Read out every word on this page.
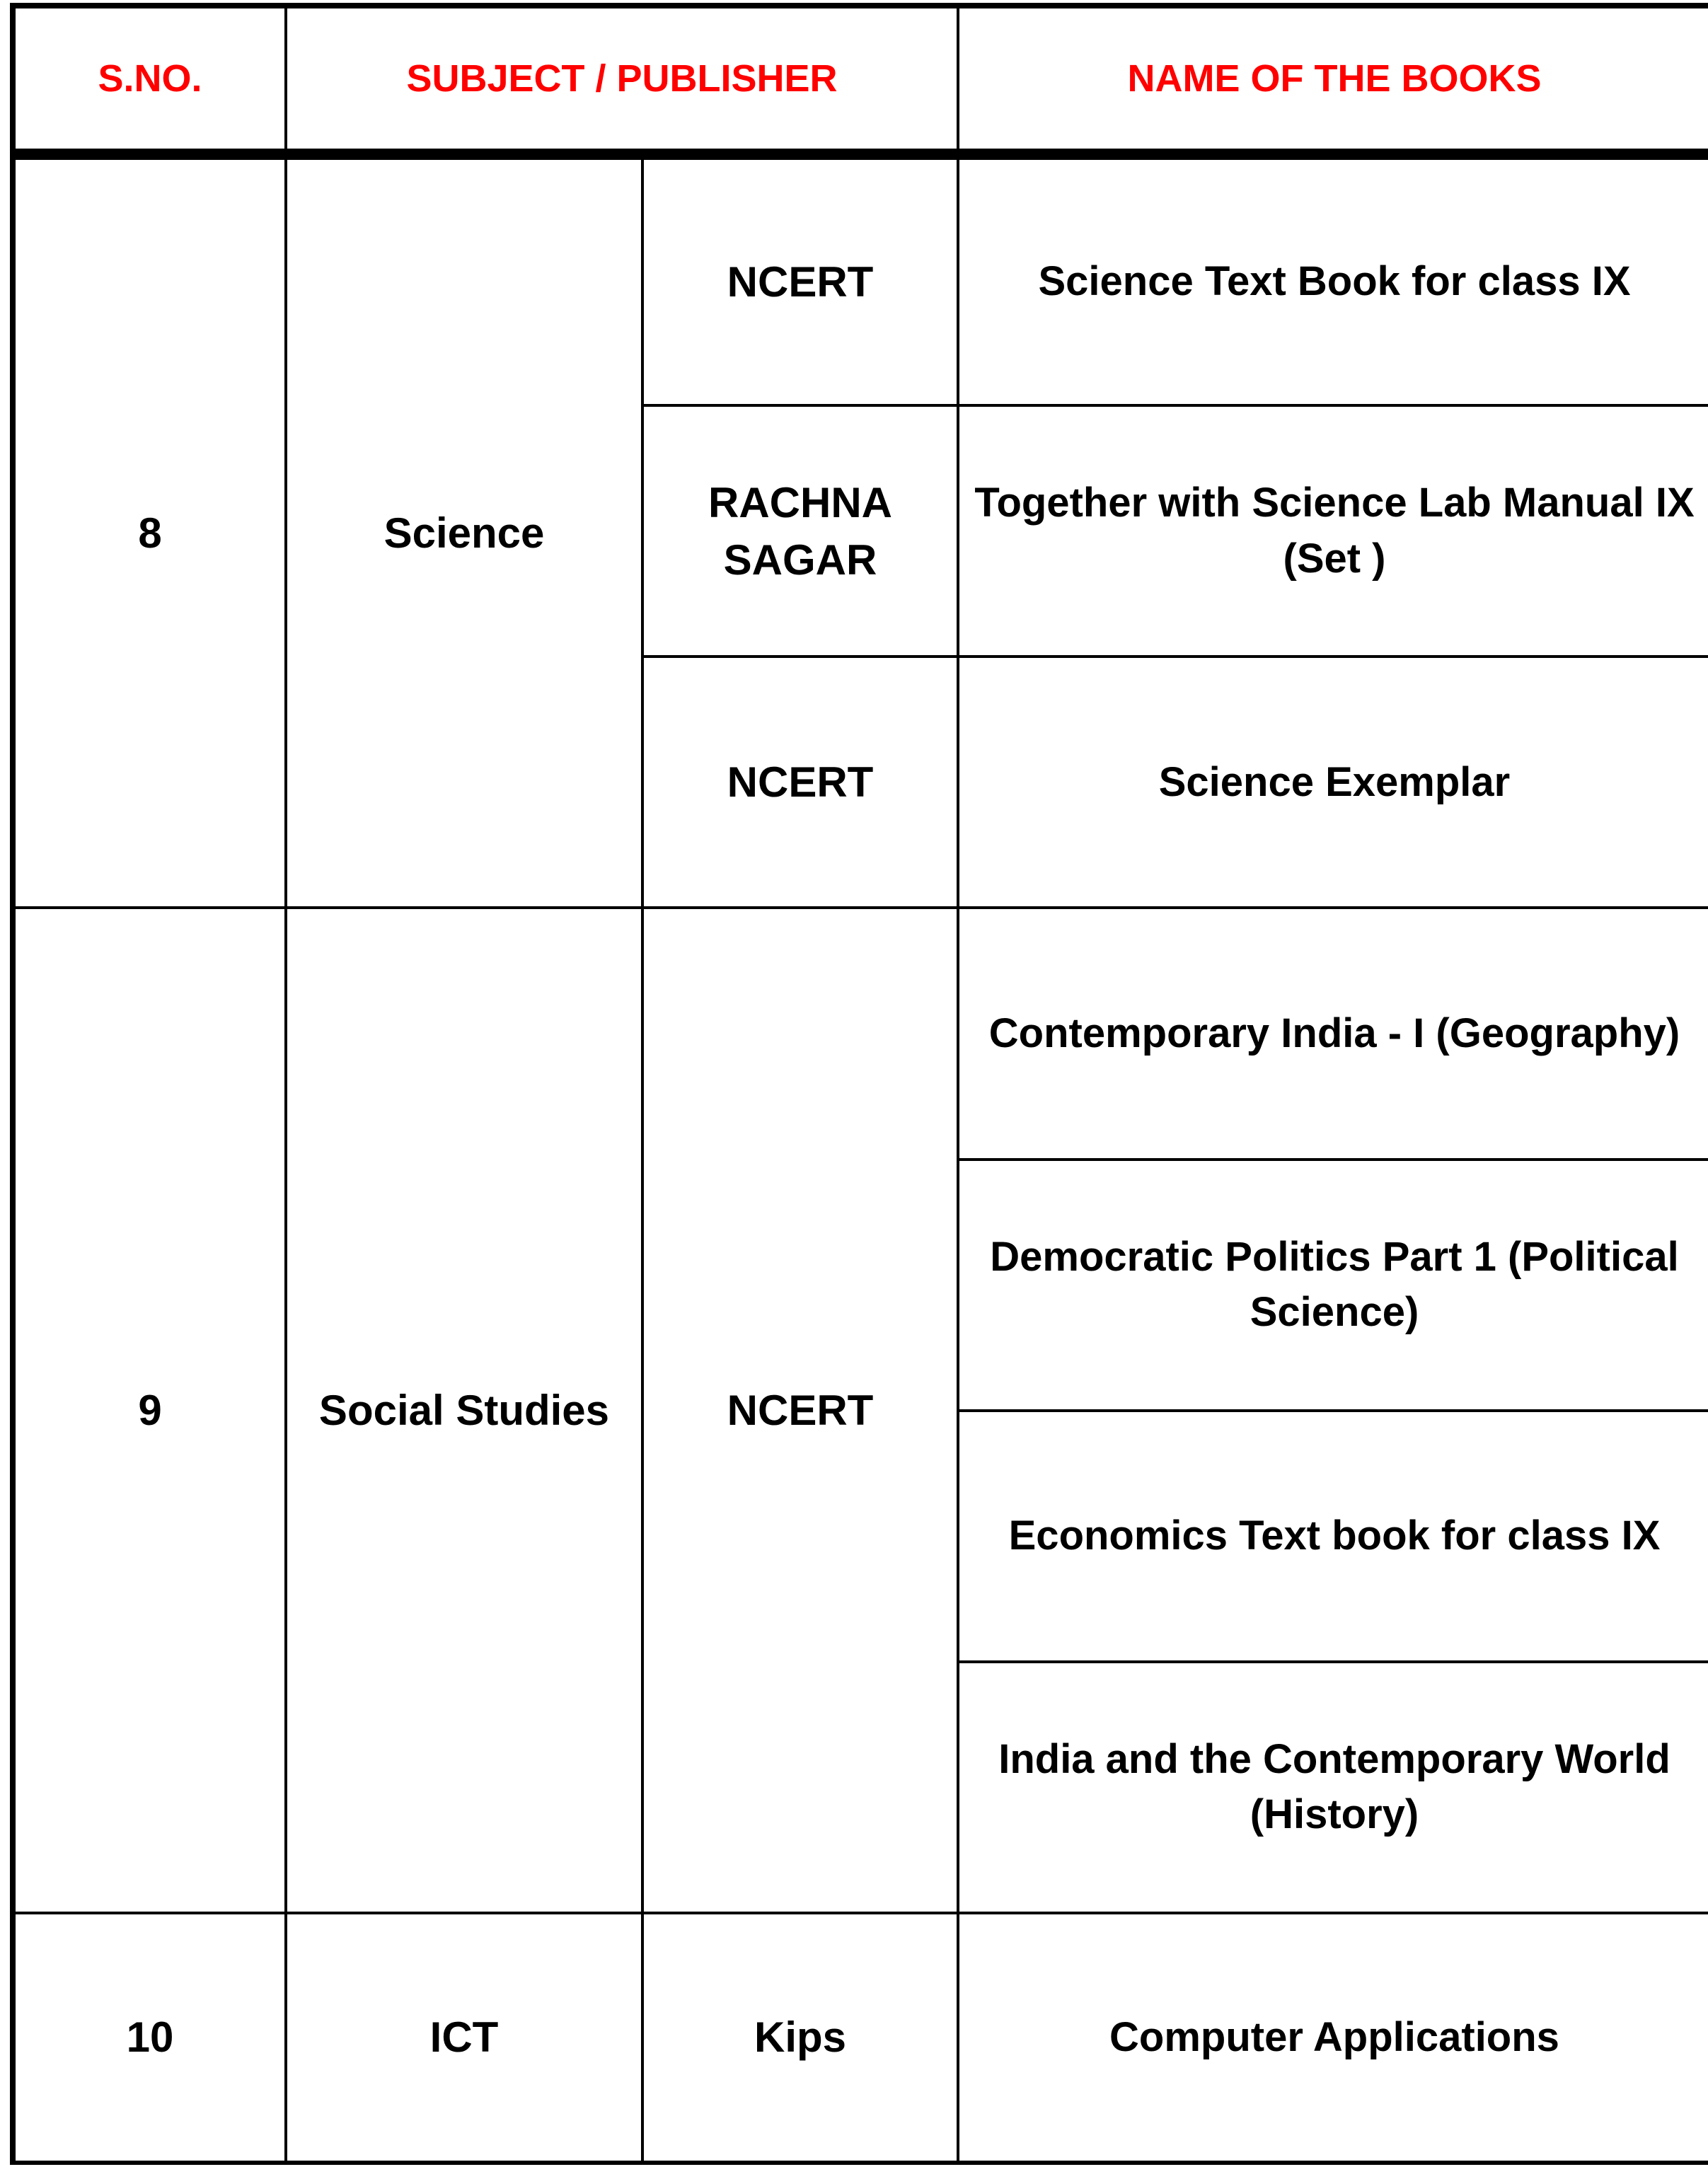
S.NO.	SUBJECT / PUBLISHER		NAME OF THE BOOKS
8	Science	NCERT	Science Text Book for class IX
		RACHNA SAGAR	Together with Science Lab Manual IX (Set )
		NCERT	Science Exemplar
9	Social Studies	NCERT	Contemporary India - I (Geography)
			Democratic Politics Part 1 (Political Science)
			Economics Text book for class IX
			India and the Contemporary World (History)
10	ICT	Kips	Computer Applications
